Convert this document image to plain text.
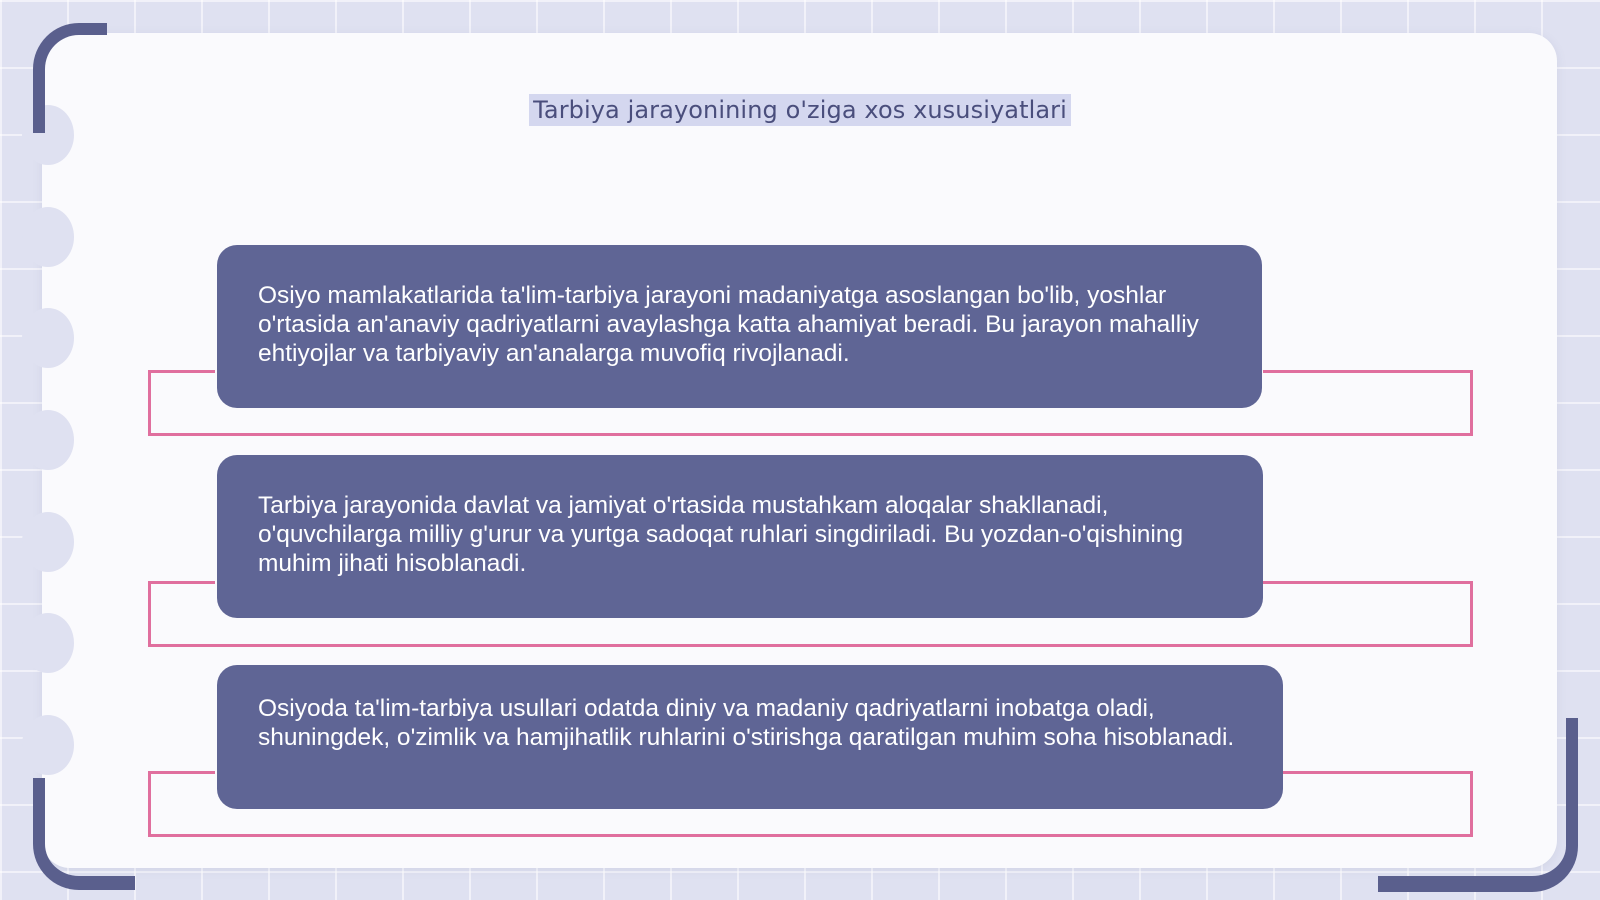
Tarbiya jarayonining o'ziga xos xususiyatlari

Osiyo mamlakatlarida ta'lim-tarbiya jarayoni madaniyatga asoslangan bo'lib, yoshlar o'rtasida an'anaviy qadriyatlarni avaylashga katta ahamiyat beradi. Bu jarayon mahalliy ehtiyojlar va tarbiyaviy an'analarga muvofiq rivojlanadi.

Tarbiya jarayonida davlat va jamiyat o'rtasida mustahkam aloqalar shakllanadi, o'quvchilarga milliy g'urur va yurtga sadoqat ruhlari singdiriladi. Bu yozdan-o'qishining muhim jihati hisoblanadi.

Osiyoda ta'lim-tarbiya usullari odatda diniy va madaniy qadriyatlarni inobatga oladi, shuningdek, o'zimlik va hamjihatlik ruhlarini o'stirishga qaratilgan muhim soha hisoblanadi.
